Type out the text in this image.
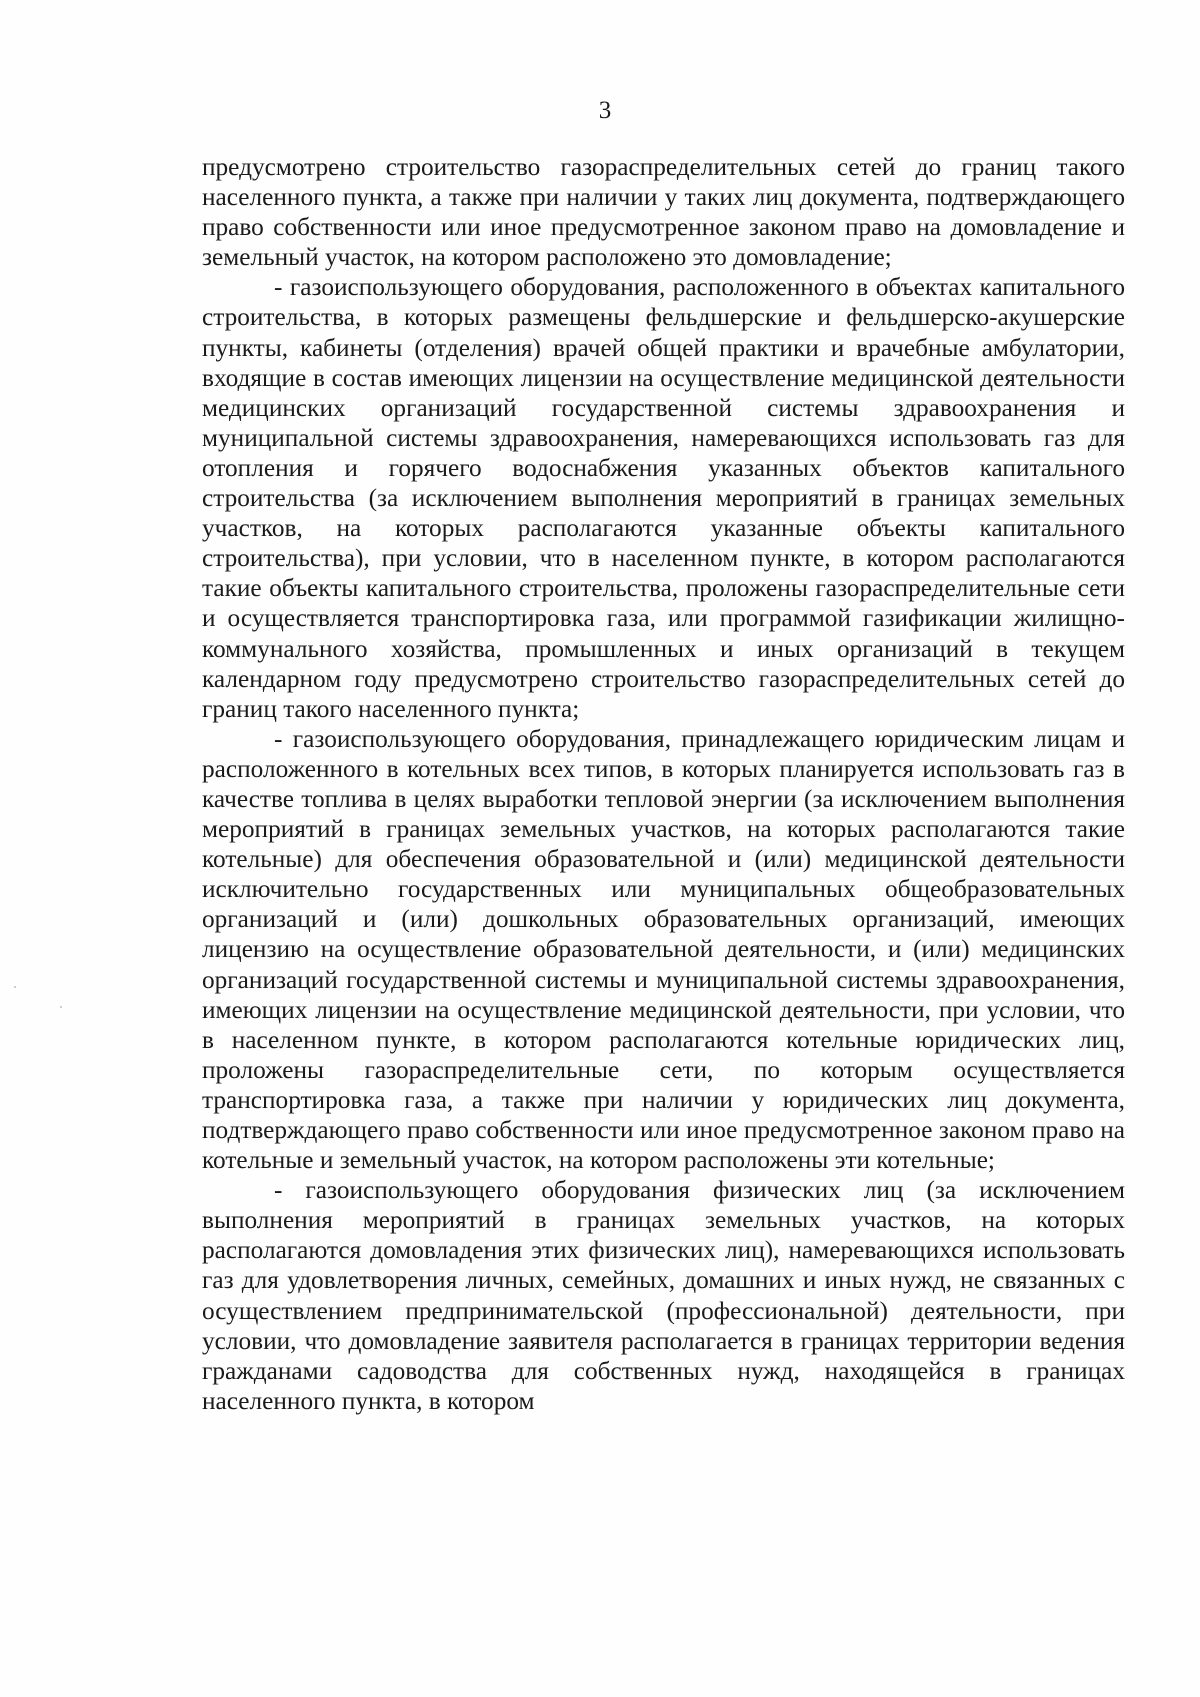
3

предусмотрено строительство газораспределительных сетей до границ такого населенного пункта, а также при наличии у таких лиц документа, подтверждающего право собственности или иное предусмотренное законом право на домовладение и земельный участок, на котором расположено это домовладение;

- газоиспользующего оборудования, расположенного в объектах капитального строительства, в которых размещены фельдшерские и фельдшерско-акушерские пункты, кабинеты (отделения) врачей общей практики и врачебные амбулатории, входящие в состав имеющих лицензии на осуществление медицинской деятельности медицинских организаций государственной системы здравоохранения и муниципальной системы здравоохранения, намеревающихся использовать газ для отопления и горячего водоснабжения указанных объектов капитального строительства (за исключением выполнения мероприятий в границах земельных участков, на которых располагаются указанные объекты капитального строительства), при условии, что в населенном пункте, в котором располагаются такие объекты капитального строительства, проложены газораспределительные сети и осуществляется транспортировка газа, или программой газификации жилищно-коммунального хозяйства, промышленных и иных организаций в текущем календарном году предусмотрено строительство газораспределительных сетей до границ такого населенного пункта;

- газоиспользующего оборудования, принадлежащего юридическим лицам и расположенного в котельных всех типов, в которых планируется использовать газ в качестве топлива в целях выработки тепловой энергии (за исключением выполнения мероприятий в границах земельных участков, на которых располагаются такие котельные) для обеспечения образовательной и (или) медицинской деятельности исключительно государственных или муниципальных общеобразовательных организаций и (или) дошкольных образовательных организаций, имеющих лицензию на осуществление образовательной деятельности, и (или) медицинских организаций государственной системы и муниципальной системы здравоохранения, имеющих лицензии на осуществление медицинской деятельности, при условии, что в населенном пункте, в котором располагаются котельные юридических лиц, проложены газораспределительные сети, по которым осуществляется транспортировка газа, а также при наличии у юридических лиц документа, подтверждающего право собственности или иное предусмотренное законом право на котельные и земельный участок, на котором расположены эти котельные;

- газоиспользующего оборудования физических лиц (за исключением выполнения мероприятий в границах земельных участков, на которых располагаются домовладения этих физических лиц), намеревающихся использовать газ для удовлетворения личных, семейных, домашних и иных нужд, не связанных с осуществлением предпринимательской (профессиональной) деятельности, при условии, что домовладение заявителя располагается в границах территории ведения гражданами садоводства для собственных нужд, находящейся в границах населенного пункта, в котором
